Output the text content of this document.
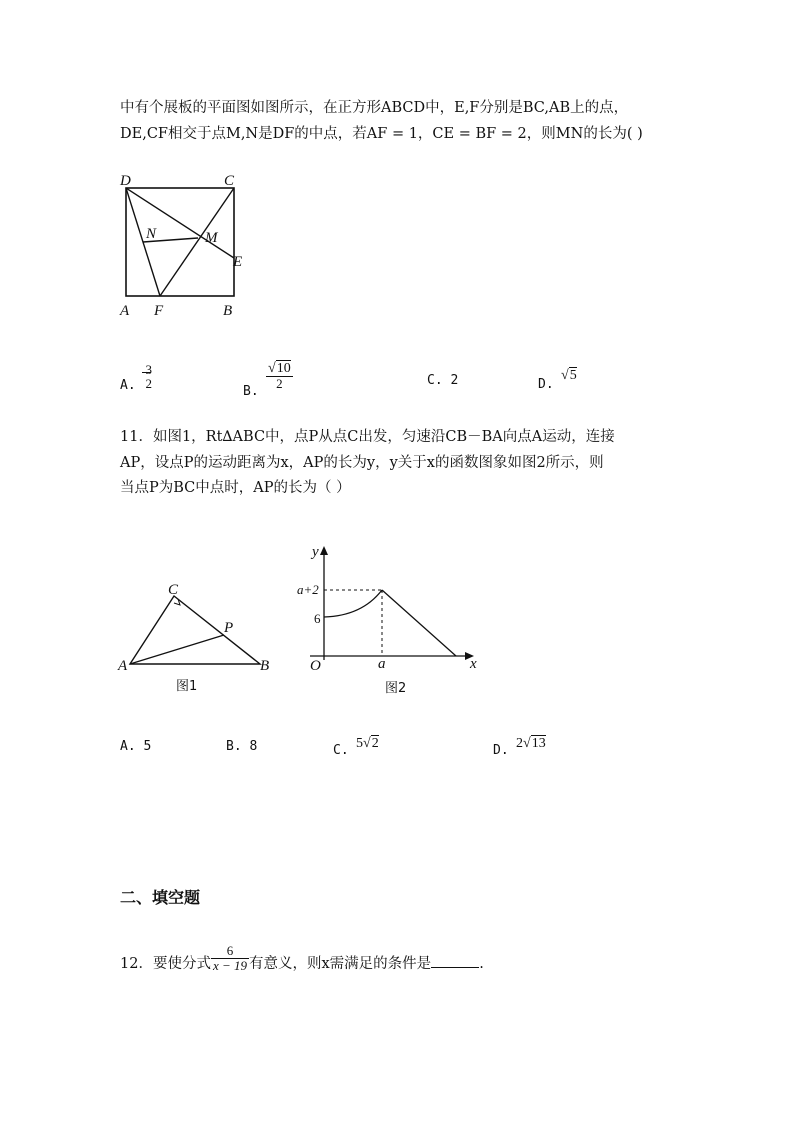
中有个展板的平面图如图所示，在正方形ABCD中，E,F分别是BC,AB上的点，
DE,CF相交于点M,N是DF的中点，若AF = 1，CE = BF = 2，则MN的长为( )
D	C
N	M
E
A F	B
A.
3
2
B.
$\frac{√10}{2}$	C. 2	D.
√5
11．如图1，Rt∆ABC中，点P从点C出发，匀速沿CB－BA向点A运动，连接
AP，设点P的运动距离为x，AP的长为y，y关于x的函数图象如图2所示，则
当点P为BC中点时，AP的长为（ ）
C
P
A	B
图1
y
a+2
6
O	a	x
图2
A. 5	B. 8	C. 5√2	D. 2√13
二、填空题
12．要使分式 $\frac{6}{x - 19}$ 有意义，则x需满足的条件是	.
